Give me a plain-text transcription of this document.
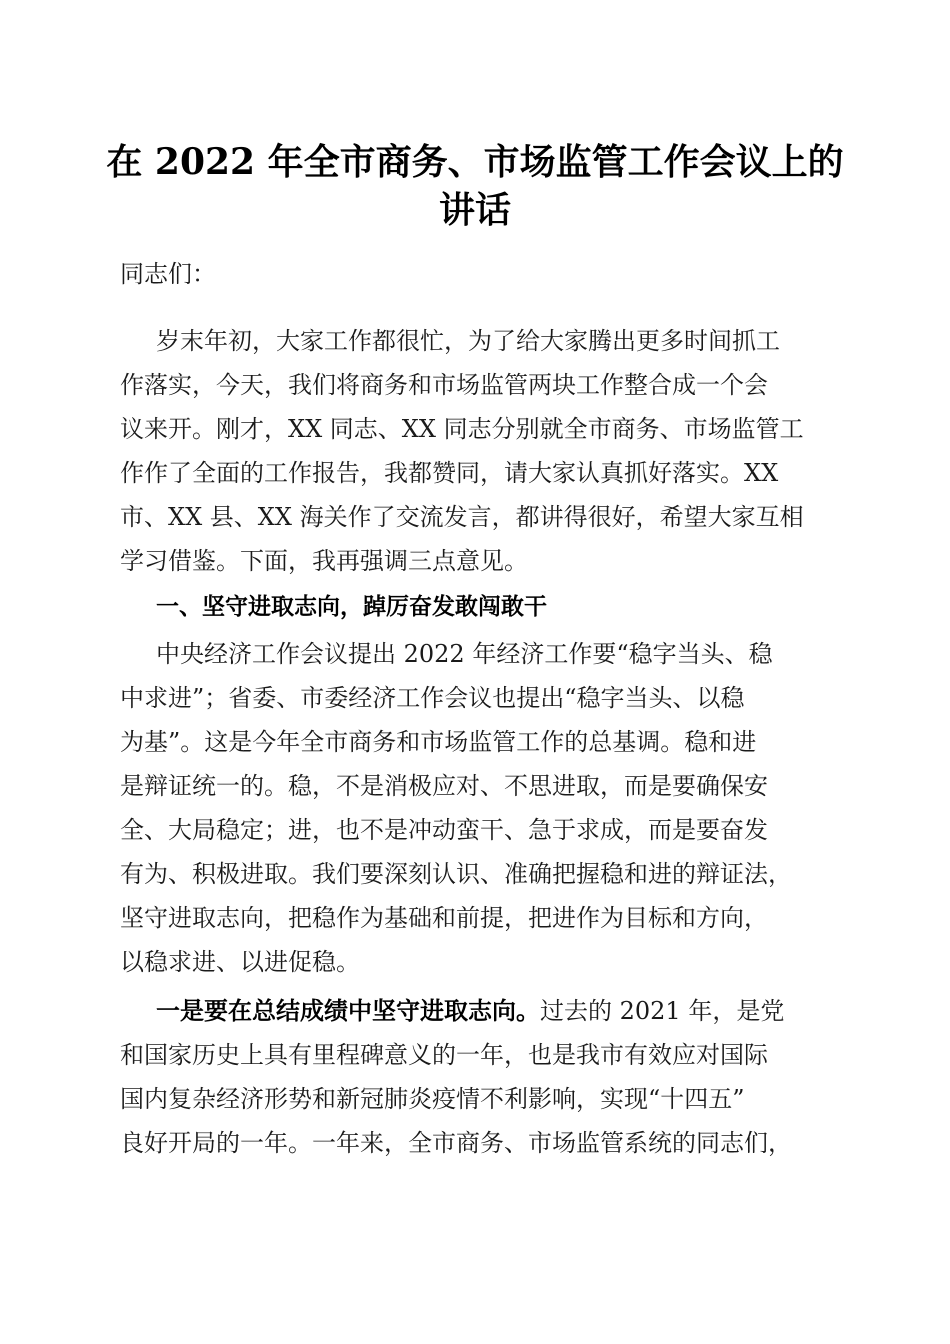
在 2022 年全市商务、市场监管工作会议上的
讲话
同志们：
岁末年初，大家工作都很忙，为了给大家腾出更多时间抓工
作落实，今天，我们将商务和市场监管两块工作整合成一个会
议来开。刚才，XX 同志、XX 同志分别就全市商务、市场监管工
作作了全面的工作报告，我都赞同，请大家认真抓好落实。XX
市、XX 县、XX 海关作了交流发言，都讲得很好，希望大家互相
学习借鉴。下面，我再强调三点意见。
一、坚守进取志向，踔厉奋发敢闯敢干
中央经济工作会议提出 2022 年经济工作要“稳字当头、稳
中求进”；省委、市委经济工作会议也提出“稳字当头、以稳
为基”。这是今年全市商务和市场监管工作的总基调。稳和进
是辩证统一的。稳，不是消极应对、不思进取，而是要确保安
全、大局稳定；进，也不是冲动蛮干、急于求成，而是要奋发
有为、积极进取。我们要深刻认识、准确把握稳和进的辩证法，
坚守进取志向，把稳作为基础和前提，把进作为目标和方向，
以稳求进、以进促稳。
一是要在总结成绩中坚守进取志向。过去的 2021 年，是党
和国家历史上具有里程碑意义的一年，也是我市有效应对国际
国内复杂经济形势和新冠肺炎疫情不利影响，实现“十四五”
良好开局的一年。一年来，全市商务、市场监管系统的同志们，
